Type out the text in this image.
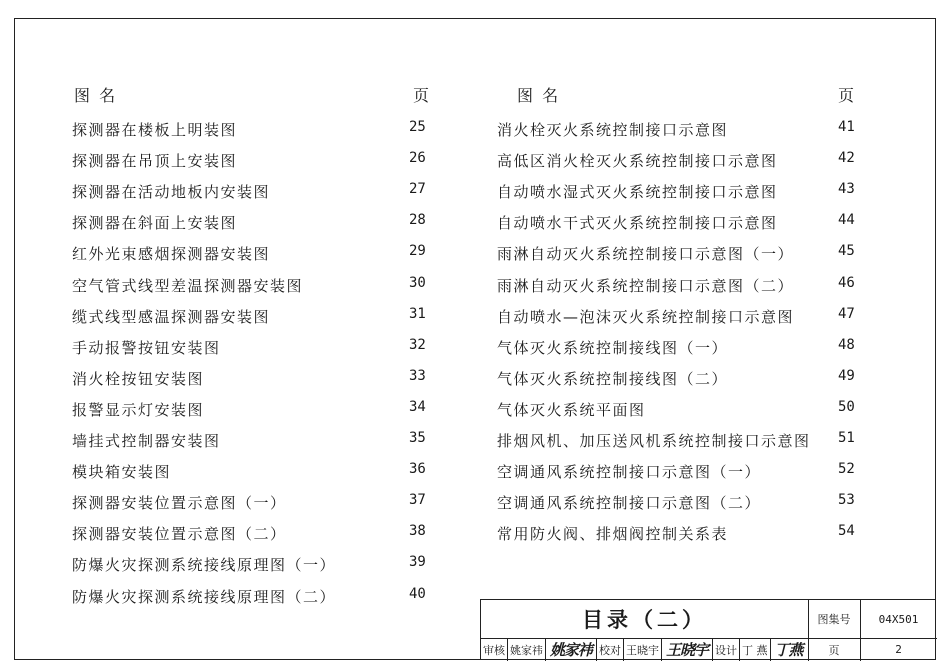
图 名	页	图 名	页
探测器在楼板上明装图	25
探测器在吊顶上安装图	26
探测器在活动地板内安装图	27
探测器在斜面上安装图	28
红外光束感烟探测器安装图	29
空气管式线型差温探测器安装图	30
缆式线型感温探测器安装图	31
手动报警按钮安装图	32
消火栓按钮安装图	33
报警显示灯安装图	34
墙挂式控制器安装图	35
模块箱安装图	36
探测器安装位置示意图（一）	37
探测器安装位置示意图（二）	38
防爆火灾探测系统接线原理图（一）	39
防爆火灾探测系统接线原理图（二）	40
消火栓灭火系统控制接口示意图	41
高低区消火栓灭火系统控制接口示意图	42
自动喷水湿式灭火系统控制接口示意图	43
自动喷水干式灭火系统控制接口示意图	44
雨淋自动灭火系统控制接口示意图（一）	45
雨淋自动灭火系统控制接口示意图（二）	46
自动喷水—泡沫灭火系统控制接口示意图	47
气体灭火系统控制接线图（一）	48
气体灭火系统控制接线图（二）	49
气体灭火系统平面图	50
排烟风机、加压送风机系统控制接口示意图 51
空调通风系统控制接口示意图（一）	52
空调通风系统控制接口示意图（二）	53
常用防火阀、排烟阀控制关系表	54
目录（二）	图集号	04X501
审核 姚家祎 姚家祎 校对 王晓宇 王晓宇 设计 丁 燕 丁燕	页	2
